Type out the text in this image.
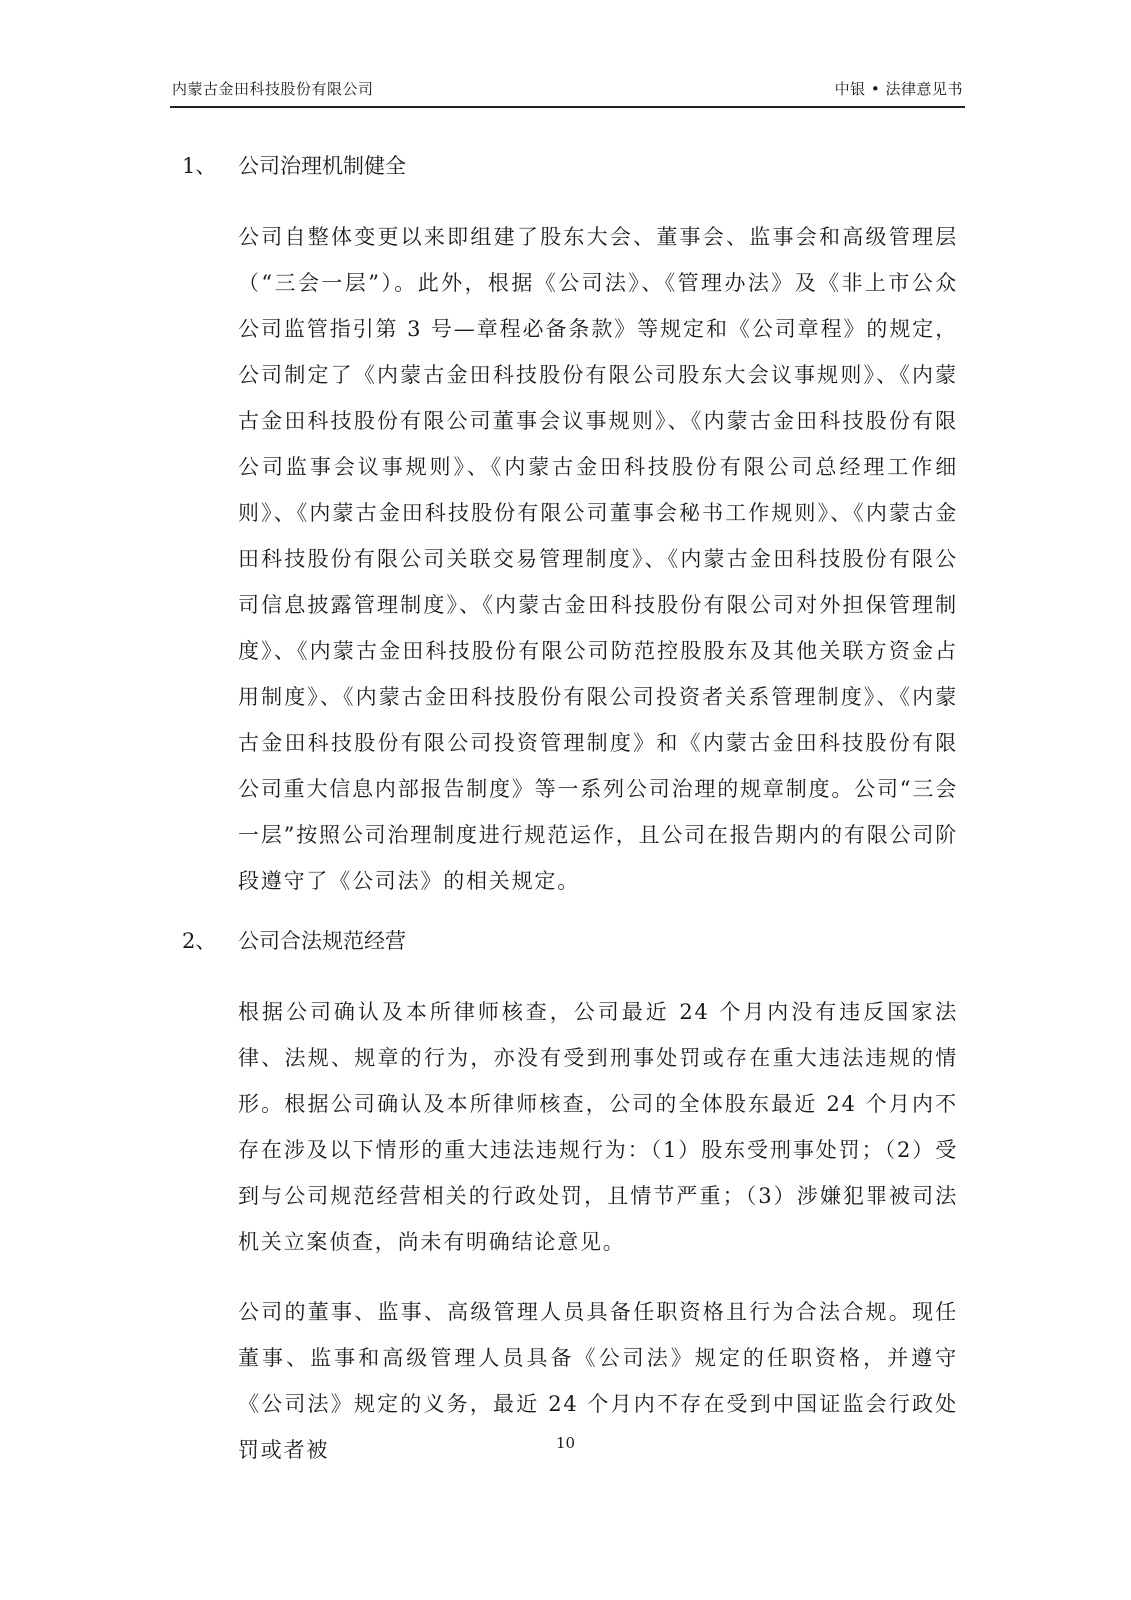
内蒙古金田科技股份有限公司	中银 • 法律意见书
1、 公司治理机制健全

公司自整体变更以来即组建了股东大会、董事会、监事会和高级管理层（“三会一层”）。此外，根据《公司法》、《管理办法》及《非上市公众公司监管指引第 3 号—章程必备条款》等规定和《公司章程》的规定，公司制定了《内蒙古金田科技股份有限公司股东大会议事规则》、《内蒙古金田科技股份有限公司董事会议事规则》、《内蒙古金田科技股份有限公司监事会议事规则》、《内蒙古金田科技股份有限公司总经理工作细则》、《内蒙古金田科技股份有限公司董事会秘书工作规则》、《内蒙古金田科技股份有限公司关联交易管理制度》、《内蒙古金田科技股份有限公司信息披露管理制度》、《内蒙古金田科技股份有限公司对外担保管理制度》、《内蒙古金田科技股份有限公司防范控股股东及其他关联方资金占用制度》、《内蒙古金田科技股份有限公司投资者关系管理制度》、《内蒙古金田科技股份有限公司投资管理制度》和《内蒙古金田科技股份有限公司重大信息内部报告制度》等一系列公司治理的规章制度。公司“三会一层”按照公司治理制度进行规范运作，且公司在报告期内的有限公司阶段遵守了《公司法》的相关规定。

2、 公司合法规范经营

根据公司确认及本所律师核查，公司最近 24 个月内没有违反国家法律、法规、规章的行为，亦没有受到刑事处罚或存在重大违法违规的情形。根据公司确认及本所律师核查，公司的全体股东最近 24 个月内不存在涉及以下情形的重大违法违规行为：（1）股东受刑事处罚；（2）受到与公司规范经营相关的行政处罚，且情节严重；（3）涉嫌犯罪被司法机关立案侦查，尚未有明确结论意见。

公司的董事、监事、高级管理人员具备任职资格且行为合法合规。现任董事、监事和高级管理人员具备《公司法》规定的任职资格，并遵守《公司法》规定的义务，最近 24 个月内不存在受到中国证监会行政处罚或者被	10
